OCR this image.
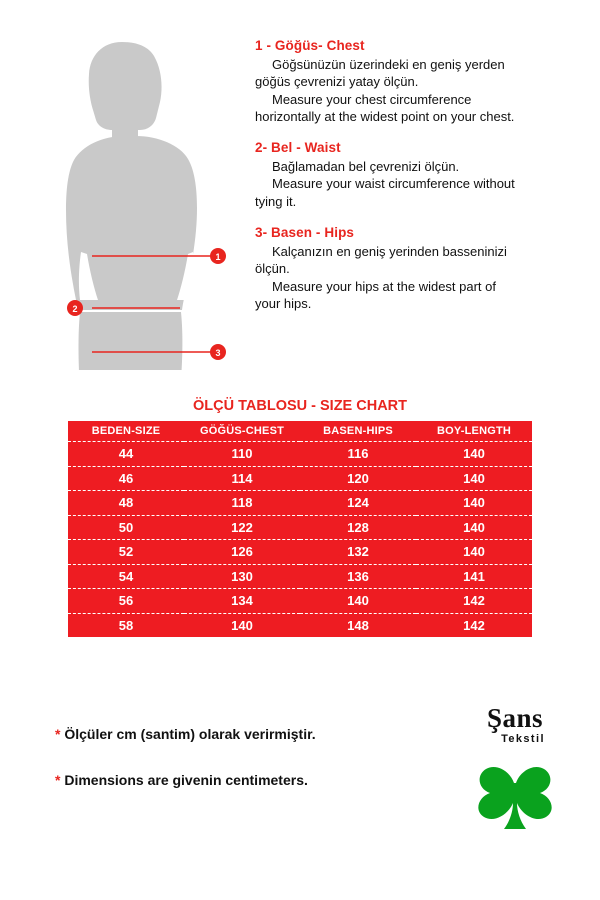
1
2
3

1 - Göğüs- Chest

Göğsünüzün üzerindeki en geniş yerden

göğüs çevrenizi yatay ölçün.

Measure your chest circumference

horizontally at the widest point on your chest.

2- Bel - Waist

Bağlamadan bel çevrenizi ölçün.

Measure your waist circumference without

tying it.

3- Basen - Hips

Kalçanızın en geniş yerinden basseninizi

ölçün.

Measure your hips at the widest part of

your hips.

ÖLÇÜ TABLOSU - SIZE CHART
BEDEN-SIZE	GÖĞÜS-CHEST	BASEN-HIPS	BOY-LENGTH
44	110	116	140
46	114	120	140
48	118	124	140
50	122	128	140
52	126	132	140
54	130	136	141
56	134	140	142
58	140	148	142
* Ölçüler cm (santim) olarak verirmiştir.
* Dimensions are givenin centimeters.
Şans
Tekstil
